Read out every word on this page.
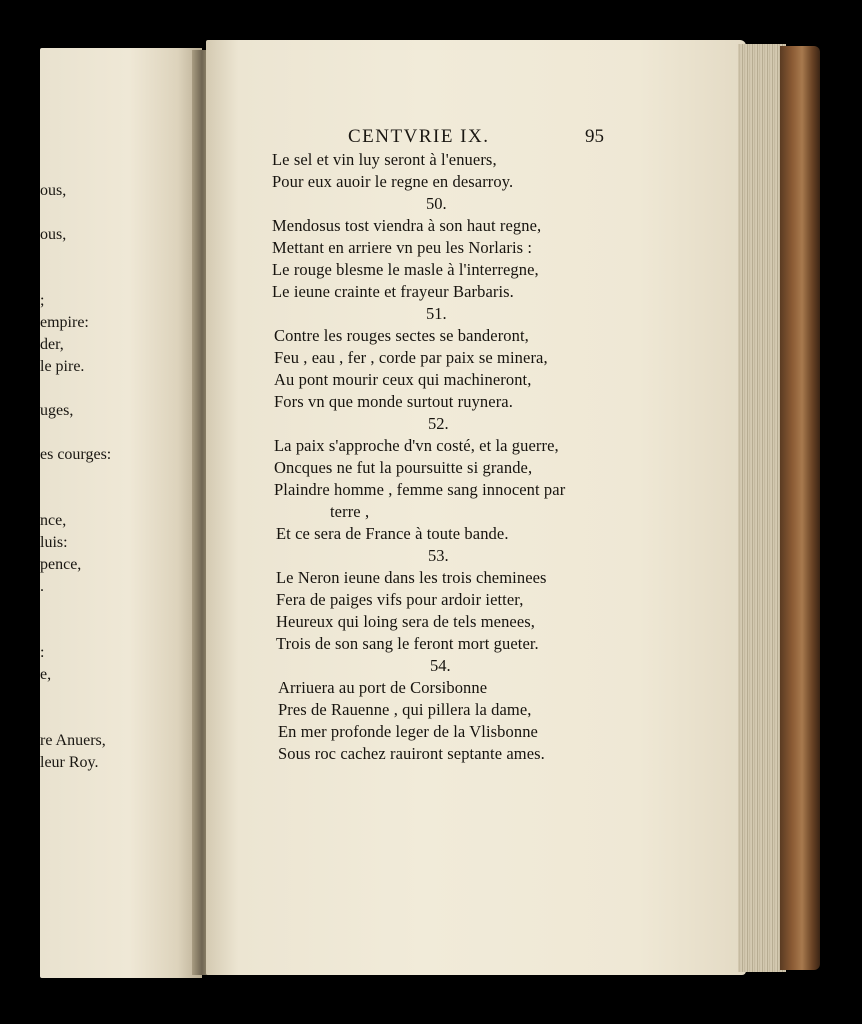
ous,
ous,
;
empire:
der,
le pire.
uges,
es courges:
nce,
luis:
pence,
.
:
e,
re Anuers,
leur Roy.
CENTVRIE IX.	95
Le sel et vin luy seront à l'enuers,
Pour eux auoir le regne en desarroy.
50.
Mendosus tost viendra à son haut regne,
Mettant en arriere vn peu les Norlaris :
Le rouge blesme le masle à l'interregne,
Le ieune crainte et frayeur Barbaris.
51.
Contre les rouges sectes se banderont,
Feu , eau , fer , corde par paix se minera,
Au pont mourir ceux qui machineront,
Fors vn que monde surtout ruynera.
52.
La paix s'approche d'vn costé, et la guerre,
Oncques ne fut la poursuitte si grande,
Plaindre homme , femme sang innocent par
terre ,
Et ce sera de France à toute bande.
53.
Le Neron ieune dans les trois cheminees
Fera de paiges vifs pour ardoir ietter,
Heureux qui loing sera de tels menees,
Trois de son sang le feront mort gueter.
54.
Arriuera au port de Corsibonne
Pres de Rauenne , qui pillera la dame,
En mer profonde leger de la Vlisbonne
Sous roc cachez rauiront septante ames.
